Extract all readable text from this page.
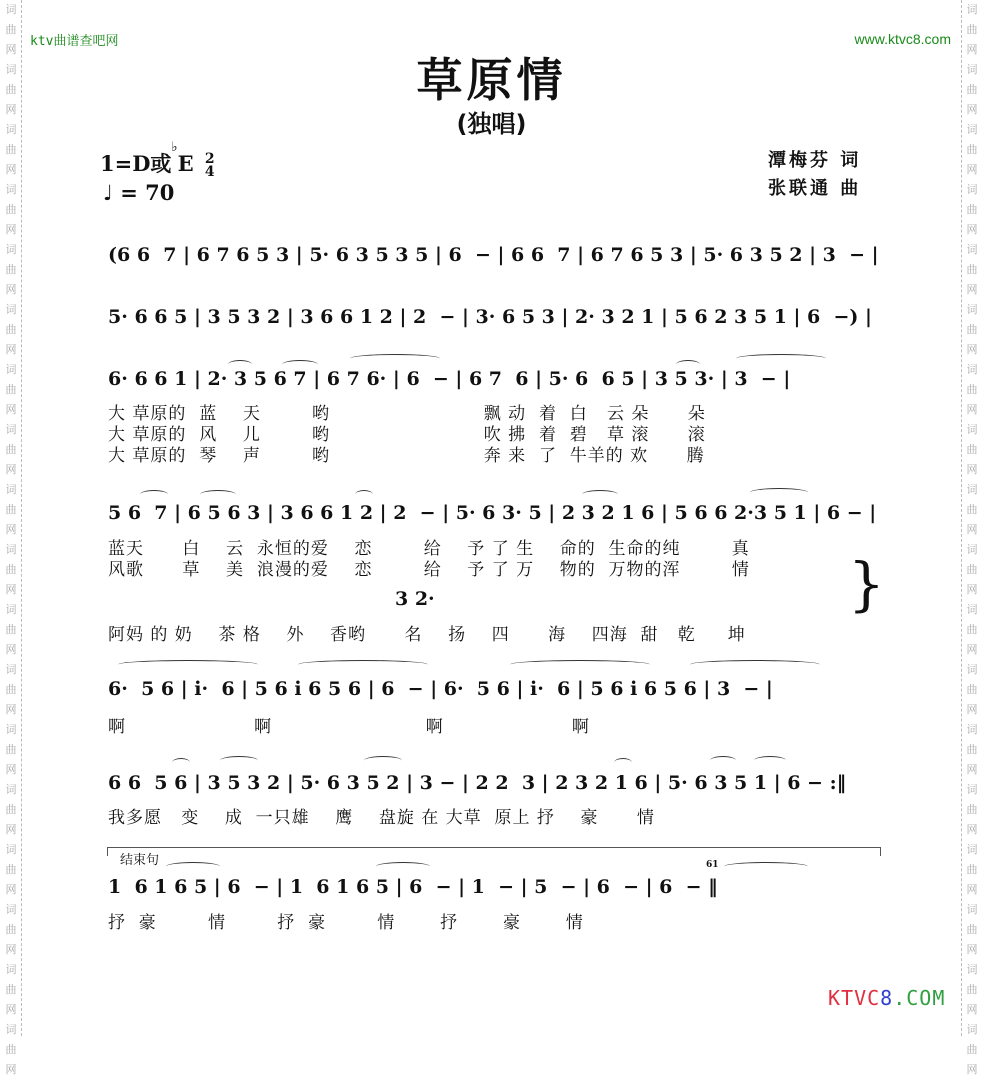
词
曲
网
词
曲
网
词
曲
网
词
曲
网
词
曲
网
词
曲
网
词
曲
网
词
曲
网
词
曲
网
词
曲
网
词
曲
网
词
曲
网
词
曲
网
词
曲
网
词
曲
网
词
曲
网
词
曲
网
词
曲
网
词
曲
网
词
曲
网
词
曲
网
词
曲
网
词
曲
网
词
曲
网
词
曲
网
词
曲
网
词
曲
网
词
曲
网
词
曲
网
词
曲
网
词
曲
网
词
曲
网
词
曲
网
词
曲
网
词
曲
网
词
曲
网
ktv曲谱查吧网	www.ktvc8.com
草原情
(独唱)
1=D或♭E 2
4
♩ = 70
潭梅芬 词
张联通 曲
(6 6  7 | 6 7 6 5 3 | 5· 6 3 5 3 5 | 6  − | 6 6  7 | 6 7 6 5 3 | 5· 6 3 5 2 | 3  − |
5· 6 6 5 | 3 5 3 2 | 3 6 6 1 2 | 2  − | 3· 6 5 3 | 2· 3 2 1 | 5 6 2 3 5 1 | 6  −) |
6· 6 6 1 | 2· 3 5 6 7 | 6 7 6· | 6  − | 6 7  6 | 5· 6  6 5 | 3 5 3· | 3  − |
大 草原的  蓝    天        哟                        飘 动  着  白   云 朵      朵
大 草原的  风    儿        哟                        吹 拂  着  碧   草 滚      滚
大 草原的  琴    声        哟                        奔 来  了  牛羊的 欢      腾
5 6  7 | 6 5 6 3 | 3 6 6 1 2 | 2  − | 5· 6 3· 5 | 2 3 2 1 6 | 5 6 6 2·3 5 1 | 6 − |
蓝天      白    云  永恒的爱    恋        给    予 了 生    命的  生命的纯        真
风歌      草    美  浪漫的爱    恋        给    予 了 万    物的  万物的浑        情
3 2·
阿妈 的 奶    茶 格    外    香哟      名    扬    四      海    四海  甜   乾     坤
}
6·  5 6 | i·  6 | 5 6 i 6 5 6 | 6  − | 6·  5 6 | i·  6 | 5 6 i 6 5 6 | 3  − |
啊                    啊                        啊                    啊
6 6  5 6 | 3 5 3 2 | 5· 6 3 5 2 | 3 − | 2 2  3 | 2 3 2 1 6 | 5· 6 3 5 1 | 6 − :‖
我多愿   变    成  一只雄    鹰    盘旋 在 大草  原上 抒    豪      情
结束句
1  6 1 6 5 | 6  − | 1  6 1 6 5 | 6  − | 1  − | 5  − | 6  − | 6  − ‖
61
抒  豪        情        抒  豪        情       抒       豪       情
KTVC8.COM
